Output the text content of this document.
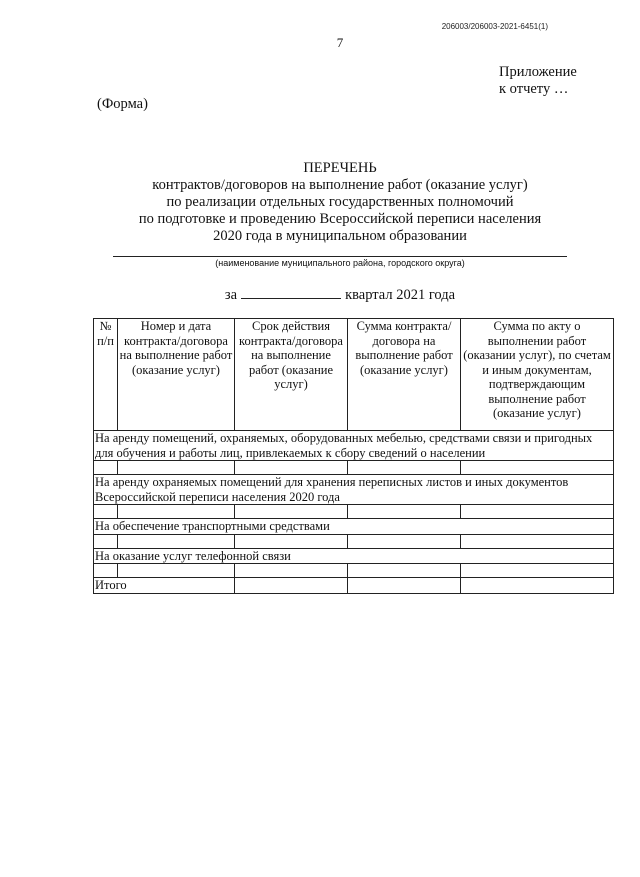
206003/206003-2021-6451(1)
7
Приложение
к отчету …
(Форма)
ПЕРЕЧЕНЬ
контрактов/договоров на выполнение работ (оказание услуг)
по реализации отдельных государственных полномочий
по подготовке и проведению Всероссийской переписи населения
2020 года в муниципальном образовании
(наименование муниципального района, городского округа)
за	квартал 2021 года
№ п/п	Номер и дата контракта/договора на выполнение работ (оказание услуг)	Срок действия контракта/договора на выполнение работ (оказание услуг)	Сумма контракта/договора на выполнение работ (оказание услуг)	Сумма по акту о выполнении работ (оказании услуг), по счетам и иным документам, подтверждающим выполнение работ (оказание услуг)
На аренду помещений, охраняемых, оборудованных мебелью, средствами связи и пригодных для обучения и работы лиц, привлекаемых к сбору сведений о населении				

На аренду охраняемых помещений для хранения переписных листов и иных документов Всероссийской переписи населения 2020 года				

На обеспечение транспортными средствами				

На оказание услуг телефонной связи				

Итого				
